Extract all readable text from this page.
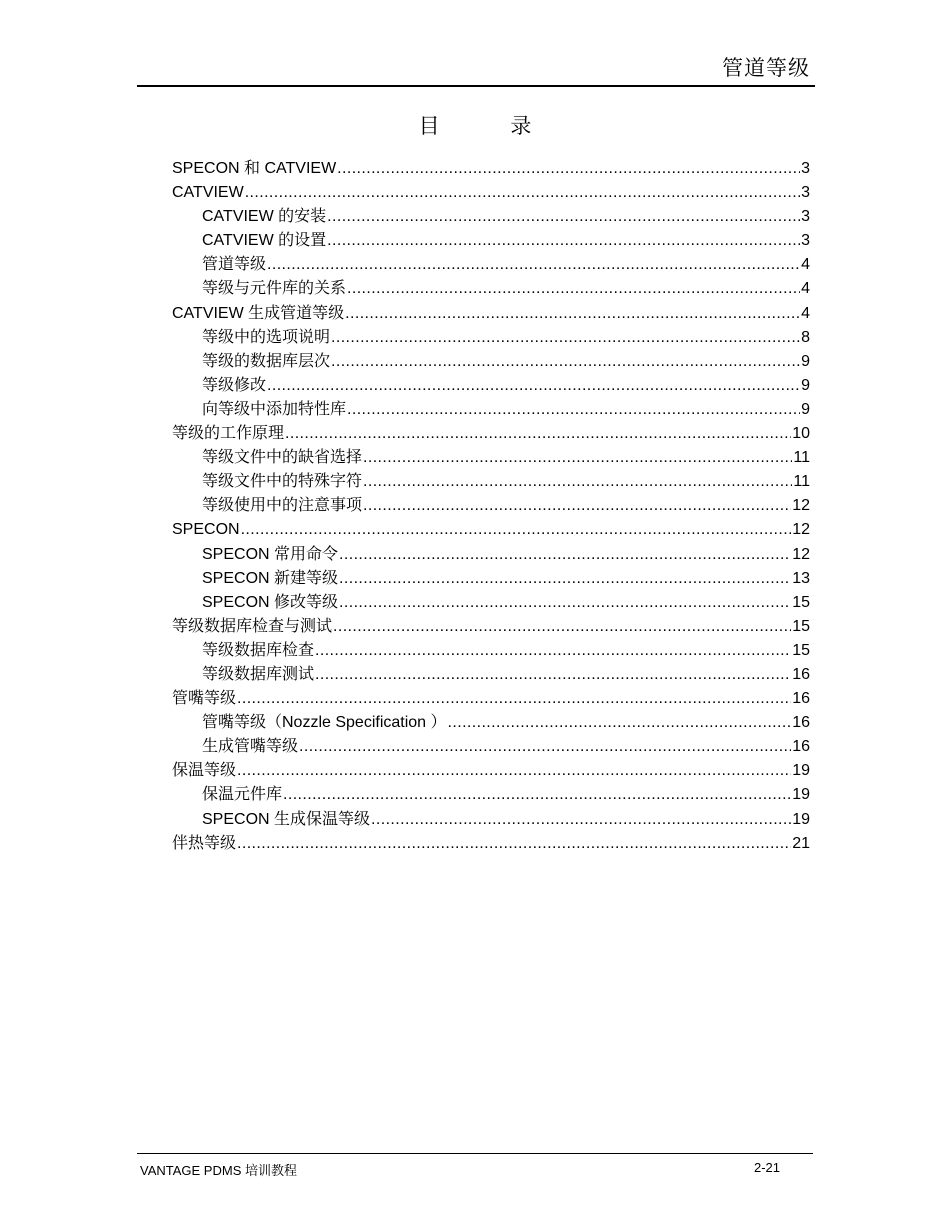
管道等级
目 录
SPECON 和 CATVIEW .....	3
CATVIEW .....	3
CATVIEW 的安装 .....	3
CATVIEW 的设置 .....	3
管道等级 .....	4
等级与元件库的关系 .....	4
CATVIEW 生成管道等级 .....	4
等级中的选项说明 .....	8
等级的数据库层次 .....	9
等级修改 .....	9
向等级中添加特性库 .....	9
等级的工作原理 .....	10
等级文件中的缺省选择 .....	11
等级文件中的特殊字符 .....	11
等级使用中的注意事项 .....	12
SPECON .....	12
SPECON 常用命令 .....	12
SPECON 新建等级 .....	13
SPECON 修改等级 .....	15
等级数据库检查与测试 .....	15
等级数据库检查 .....	15
等级数据库测试 .....	16
管嘴等级 .....	16
管嘴等级（Nozzle Specification ） .....	16
生成管嘴等级 .....	16
保温等级 .....	19
保温元件库 .....	19
SPECON 生成保温等级 .....	19
伴热等级 .....	21
VANTAGE PDMS 培训教程	2-21
